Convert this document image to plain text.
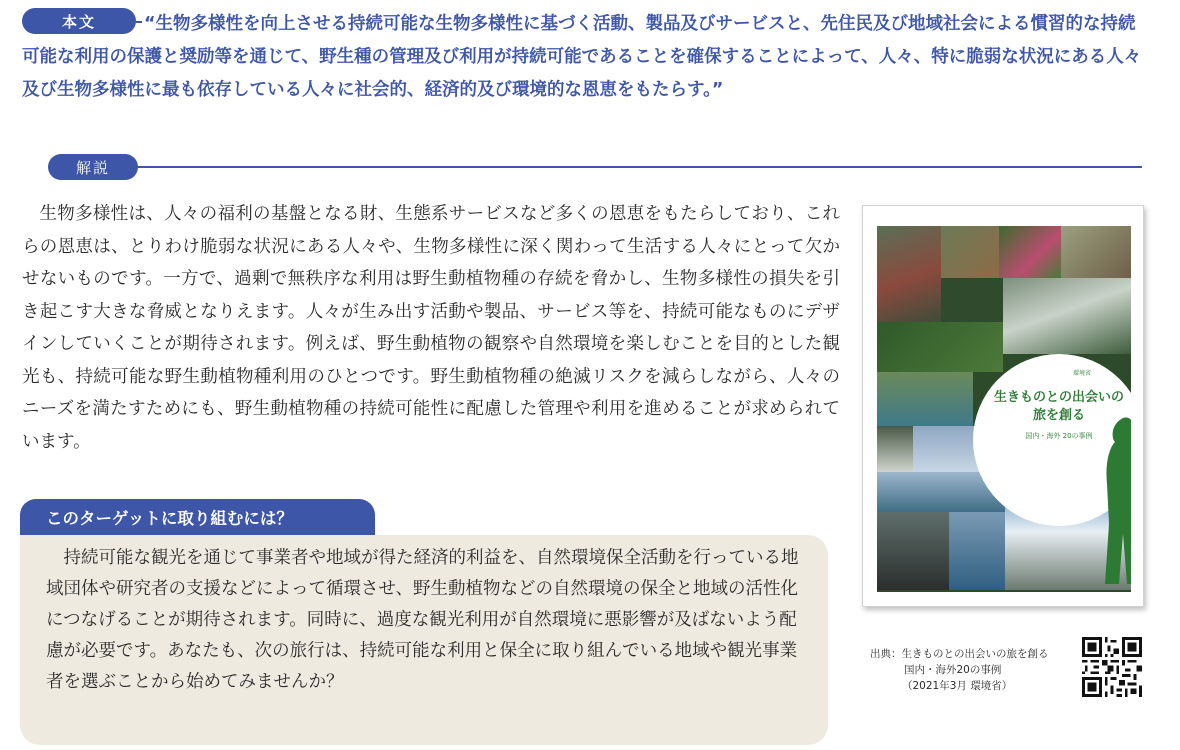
本文	“生物多様性を向上させる持続可能な生物多様性に基づく活動、製品及びサービスと、先住民及び地域社会による慣習的な持続可能な利用の保護と奨励等を通じて、野生種の管理及び利用が持続可能であることを確保することによって、人々、特に脆弱な状況にある人々及び生物多様性に最も依存している人々に社会的、経済的及び環境的な恩恵をもたらす。”

解説

生物多様性は、人々の福利の基盤となる財、生態系サービスなど多くの恩恵をもたらしており、これらの恩恵は、とりわけ脆弱な状況にある人々や、生物多様性に深く関わって生活する人々にとって欠かせないものです。一方で、過剰で無秩序な利用は野生動植物種の存続を脅かし、生物多様性の損失を引き起こす大きな脅威となりえます。人々が生み出す活動や製品、サービス等を、持続可能なものにデザインしていくことが期待されます。例えば、野生動植物の観察や自然環境を楽しむことを目的とした観光も、持続可能な野生動植物種利用のひとつです。野生動植物種の絶滅リスクを減らしながら、人々のニーズを満たすためにも、野生動植物種の持続可能性に配慮した管理や利用を進めることが求められています。

このターゲットに取り組むには？

持続可能な観光を通じて事業者や地域が得た経済的利益を、自然環境保全活動を行っている地域団体や研究者の支援などによって循環させ、野生動植物などの自然環境の保全と地域の活性化につなげることが期待されます。同時に、過度な観光利用が自然環境に悪影響が及ばないよう配慮が必要です。あなたも、次の旅行は、持続可能な利用と保全に取り組んでいる地域や観光事業者を選ぶことから始めてみませんか？

環境省
生きものとの出会いの旅を創る
国内・海外 20の事例
出典：生きものとの出会いの旅を創る
国内・海外20の事例
（2021年3月 環境省）
